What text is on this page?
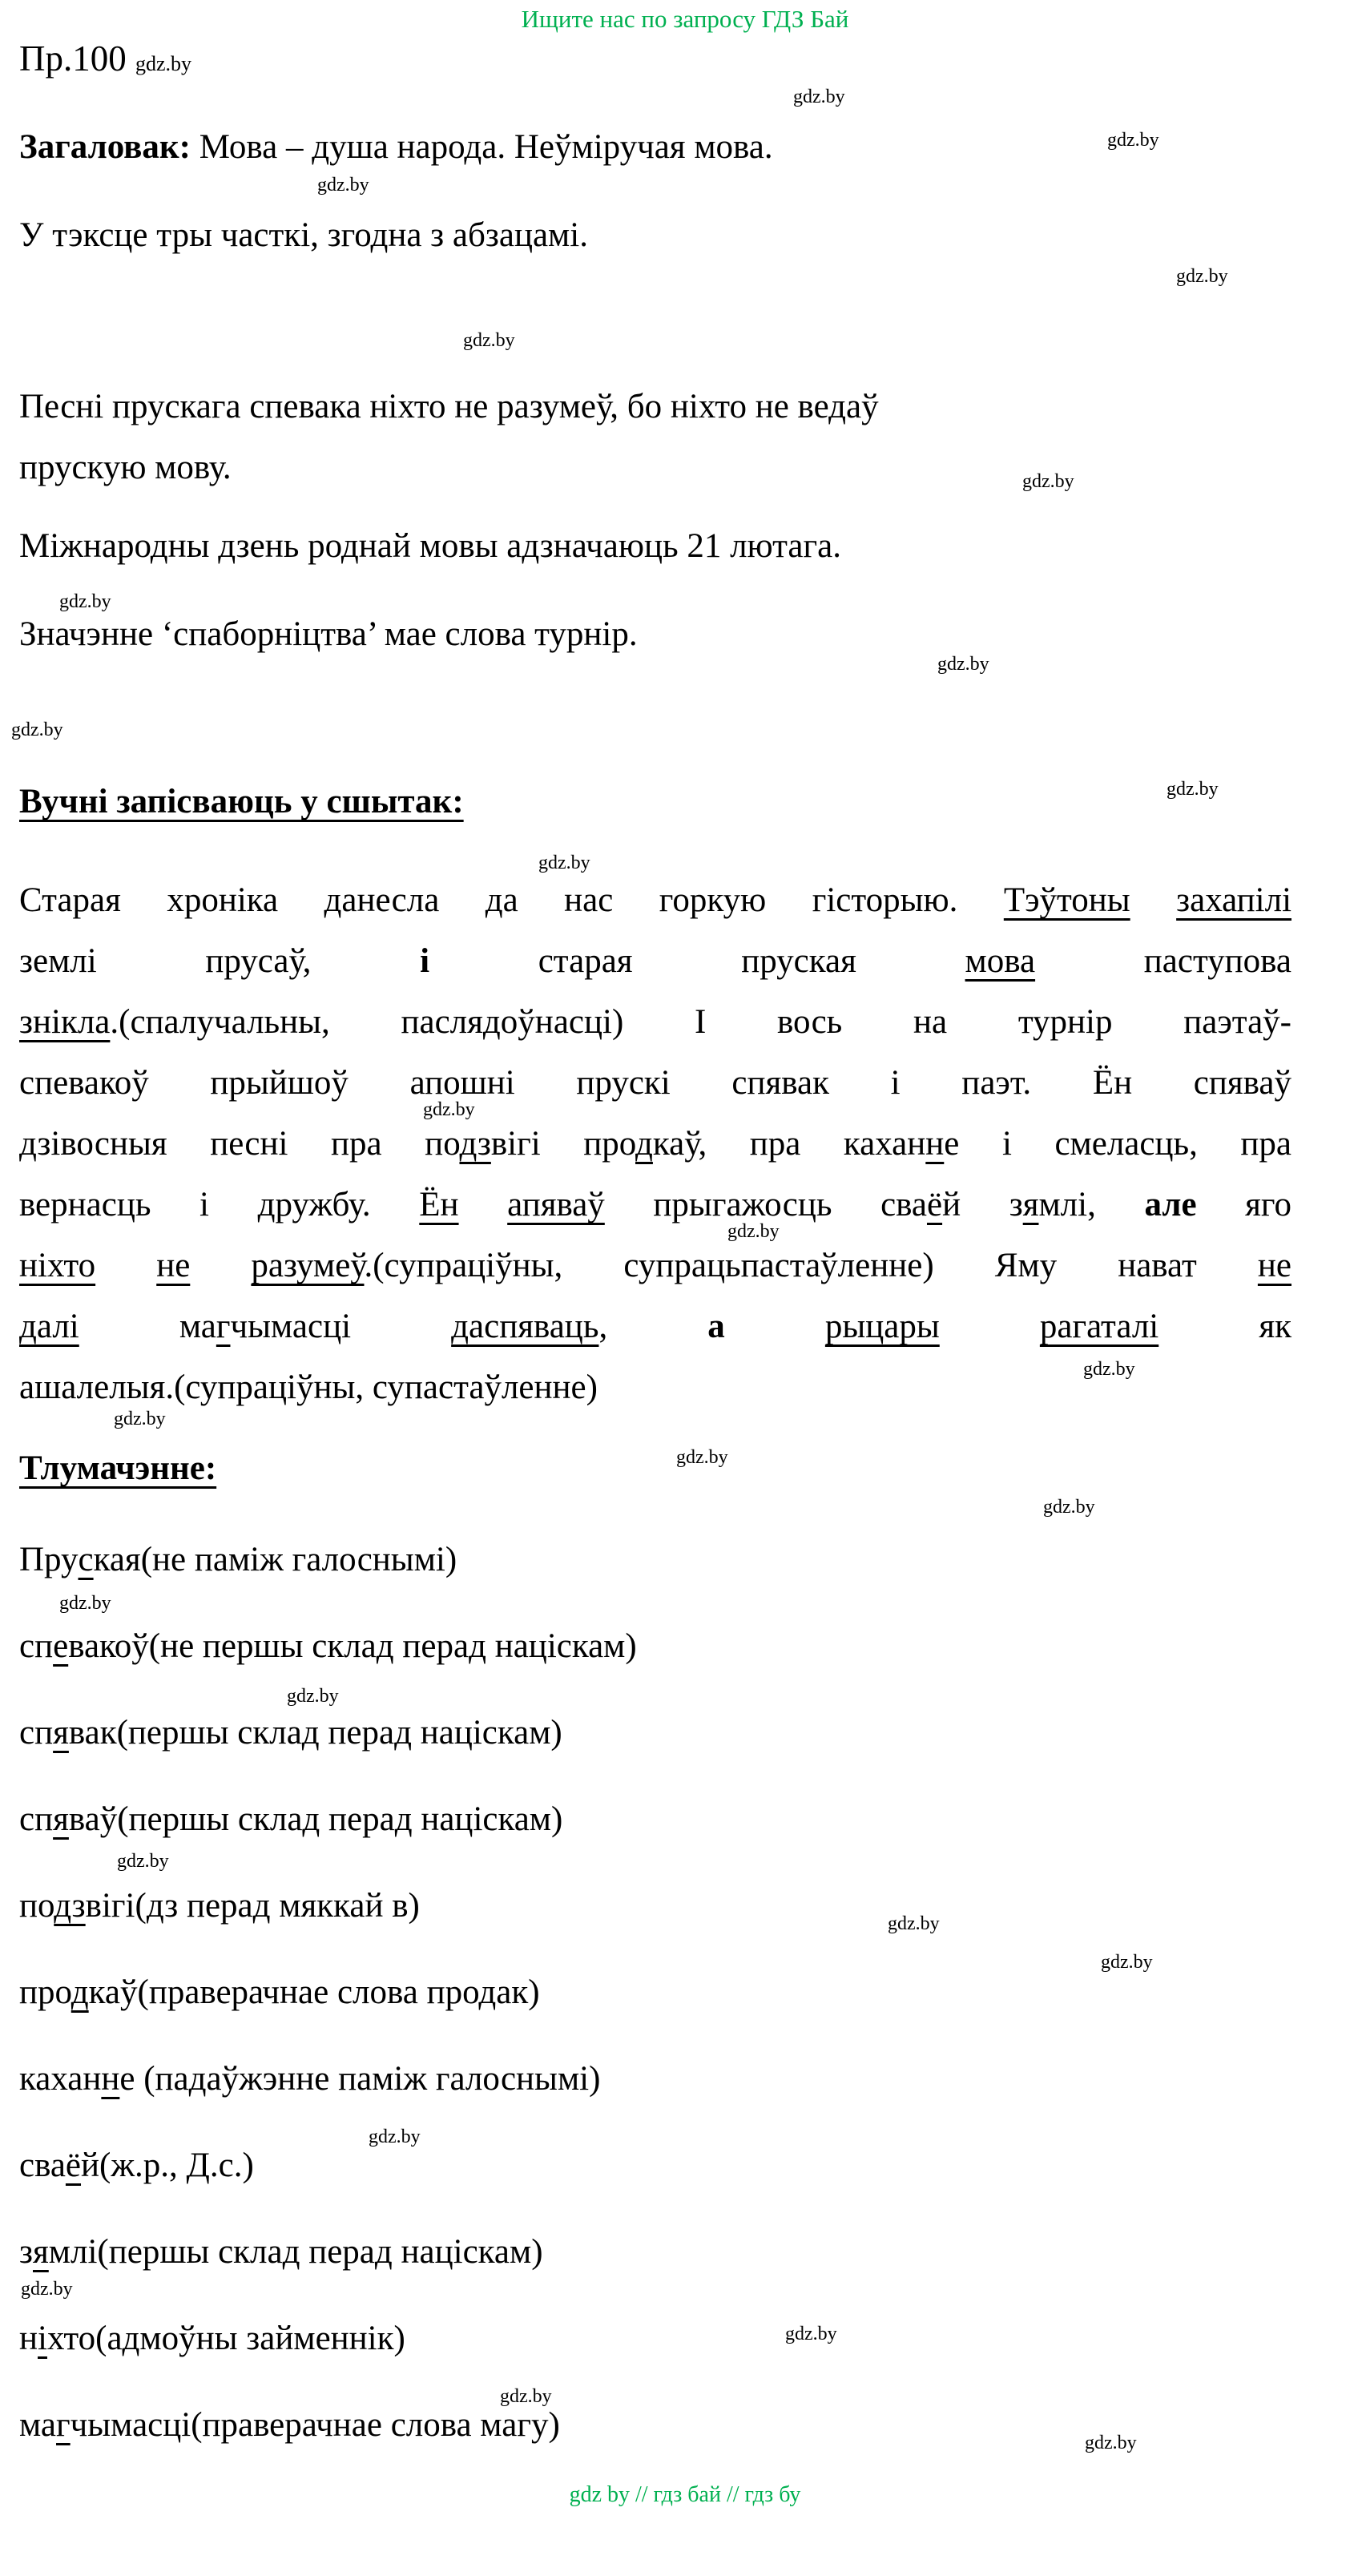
Ищите нас по запросу ГДЗ Бай
Пр.100 gdz.by
Загаловак: Мова – душа народа. Неўміручая мова.
У тэксце тры часткі, згодна з абзацамі.
Песні прускага спевака ніхто не разумеў, бо ніхто не ведаў
прускую мову.
Міжнародны дзень роднай мовы адзначаюць 21 лютага.
Значэнне ‘спаборніцтва’ мае слова турнір.
Вучні запісваюць у сшытак:
Старая хроніка данесла да нас горкую гісторыю. Тэўтоны захапілі
землі прусаў, і старая пруская мова паступова
знікла.(спалучальны, паслядоўнасці) І вось на турнір паэтаў-
спевакоў прыйшоў апошні прускі спявак і паэт. Ён спяваў
дзівосныя песні пра подзвігі продкаў, пра каханне і смеласць, пра
вернасць і дружбу. Ён апяваў прыгажосць сваёй зямлі, але яго
ніхто не разумеў.(супраціўны, супрацьпастаўленне) Яму нават не
далі магчымасці даспяваць, а	рыцары	рагаталі як
ашалелыя.(супраціўны, супастаўленне)
Тлумачэнне:
Пруская(не паміж галоснымі)
спевакоў(не першы склад перад націскам)
спявак(першы склад перад націскам)
спяваў(першы склад перад націскам)
подзвігі(дз перад мяккай в)
продкаў(праверачнае слова продак)
каханне (падаўжэнне паміж галоснымі)
сваёй(ж.р., Д.с.)
зямлі(першы склад перад націскам)
ніхто(адмоўны займеннік)
магчымасці(праверачнае слова магу)
gdz by // гдз бай // гдз бу
gdz.by
gdz.by
gdz.by
gdz.by
gdz.by
gdz.by
gdz.by
gdz.by
gdz.by
gdz.by
gdz.by
gdz.by
gdz.by
gdz.by
gdz.by
gdz.by
gdz.by
gdz.by
gdz.by
gdz.by
gdz.by
gdz.by
gdz.by
gdz.by
gdz.by
gdz.by
gdz.by
